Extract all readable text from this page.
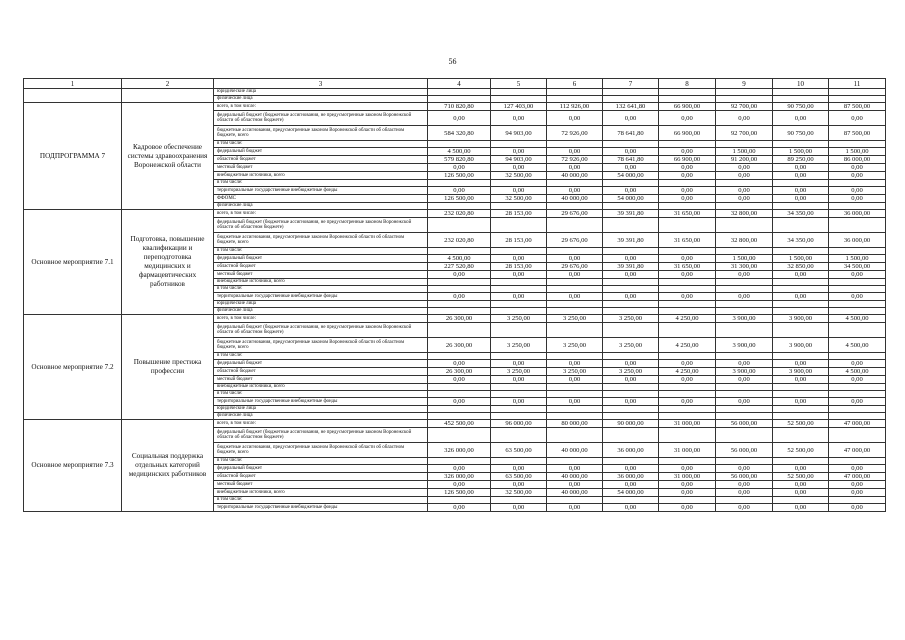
56
1	2	3	4	5	6	7	8	9	10	11
		юридические лица								
		физические лица								
ПОДПРОГРАММА 7	Кадровое обеспечение системы здравоохранения Воронежской области	всего, в том числе:	710 820,80	127 403,00	112 926,00	132 641,80	66 900,00	92 700,00	90 750,00	87 500,00
		федеральный бюджет (бюджетные ассигнования, не предусмотренные законом Воронежской области об областном бюджете)	0,00	0,00	0,00	0,00	0,00	0,00	0,00	0,00
		бюджетные ассигнования, предусмотренные законом Воронежской области об областном бюджете, всего	584 320,80	94 903,00	72 926,00	78 641,80	66 900,00	92 700,00	90 750,00	87 500,00
		в том числе:								
		федеральный бюджет	4 500,00	0,00	0,00	0,00	0,00	1 500,00	1 500,00	1 500,00
		областной бюджет	579 820,80	94 903,00	72 926,00	78 641,80	66 900,00	91 200,00	89 250,00	86 000,00
		местный бюджет	0,00	0,00	0,00	0,00	0,00	0,00	0,00	0,00
		внебюджетные источники, всего	126 500,00	32 500,00	40 000,00	54 000,00	0,00	0,00	0,00	0,00
		в том числе:								
		территориальные государственные внебюджетные фонды	0,00	0,00	0,00	0,00	0,00	0,00	0,00	0,00
		ФФОМС	126 500,00	32 500,00	40 000,00	54 000,00	0,00	0,00	0,00	0,00
		физические лица								
Основное мероприятие 7.1	Подготовка, повышение квалификации и переподготовка медицинских и фармацевтических работников	всего, в том числе:	232 020,80	28 153,00	29 676,00	39 391,80	31 650,00	32 800,00	34 350,00	36 000,00
		федеральный бюджет (бюджетные ассигнования, не предусмотренные законом Воронежской области об областном бюджете)								
		бюджетные ассигнования, предусмотренные законом Воронежской области об областном бюджете, всего	232 020,80	28 153,00	29 676,00	39 391,80	31 650,00	32 800,00	34 350,00	36 000,00
		в том числе:								
		федеральный бюджет	4 500,00	0,00	0,00	0,00	0,00	1 500,00	1 500,00	1 500,00
		областной бюджет	227 520,80	28 153,00	29 676,00	39 391,80	31 650,00	31 300,00	32 850,00	34 500,00
		местный бюджет	0,00	0,00	0,00	0,00	0,00	0,00	0,00	0,00
		внебюджетные источники, всего								
		в том числе:								
		территориальные государственные внебюджетные фонды	0,00	0,00	0,00	0,00	0,00	0,00	0,00	0,00
		юридические лица								
		физические лица								
Основное мероприятие 7.2	Повышение престижа профессии	всего, в том числе:	26 300,00	3 250,00	3 250,00	3 250,00	4 250,00	3 900,00	3 900,00	4 500,00
		федеральный бюджет (бюджетные ассигнования, не предусмотренные законом Воронежской области об областном бюджете)								
		бюджетные ассигнования, предусмотренные законом Воронежской области об областном бюджете, всего	26 300,00	3 250,00	3 250,00	3 250,00	4 250,00	3 900,00	3 900,00	4 500,00
		в том числе:								
		федеральный бюджет	0,00	0,00	0,00	0,00	0,00	0,00	0,00	0,00
		областной бюджет	26 300,00	3 250,00	3 250,00	3 250,00	4 250,00	3 900,00	3 900,00	4 500,00
		местный бюджет	0,00	0,00	0,00	0,00	0,00	0,00	0,00	0,00
		внебюджетные источники, всего								
		в том числе:								
		территориальные государственные внебюджетные фонды	0,00	0,00	0,00	0,00	0,00	0,00	0,00	0,00
		юридические лица								
		физические лица								
Основное мероприятие 7.3	Социальная поддержка отдельных категорий медицинских работников	всего, в том числе:	452 500,00	96 000,00	80 000,00	90 000,00	31 000,00	56 000,00	52 500,00	47 000,00
		федеральный бюджет (бюджетные ассигнования, не предусмотренные законом Воронежской области об областном бюджете)								
		бюджетные ассигнования, предусмотренные законом Воронежской области об областном бюджете, всего	326 000,00	63 500,00	40 000,00	36 000,00	31 000,00	56 000,00	52 500,00	47 000,00
		в том числе:								
		федеральный бюджет	0,00	0,00	0,00	0,00	0,00	0,00	0,00	0,00
		областной бюджет	326 000,00	63 500,00	40 000,00	36 000,00	31 000,00	56 000,00	52 500,00	47 000,00
		местный бюджет	0,00	0,00	0,00	0,00	0,00	0,00	0,00	0,00
		внебюджетные источники, всего	126 500,00	32 500,00	40 000,00	54 000,00	0,00	0,00	0,00	0,00
		в том числе:								
		территориальные государственные внебюджетные фонды	0,00	0,00	0,00	0,00	0,00	0,00	0,00	0,00
